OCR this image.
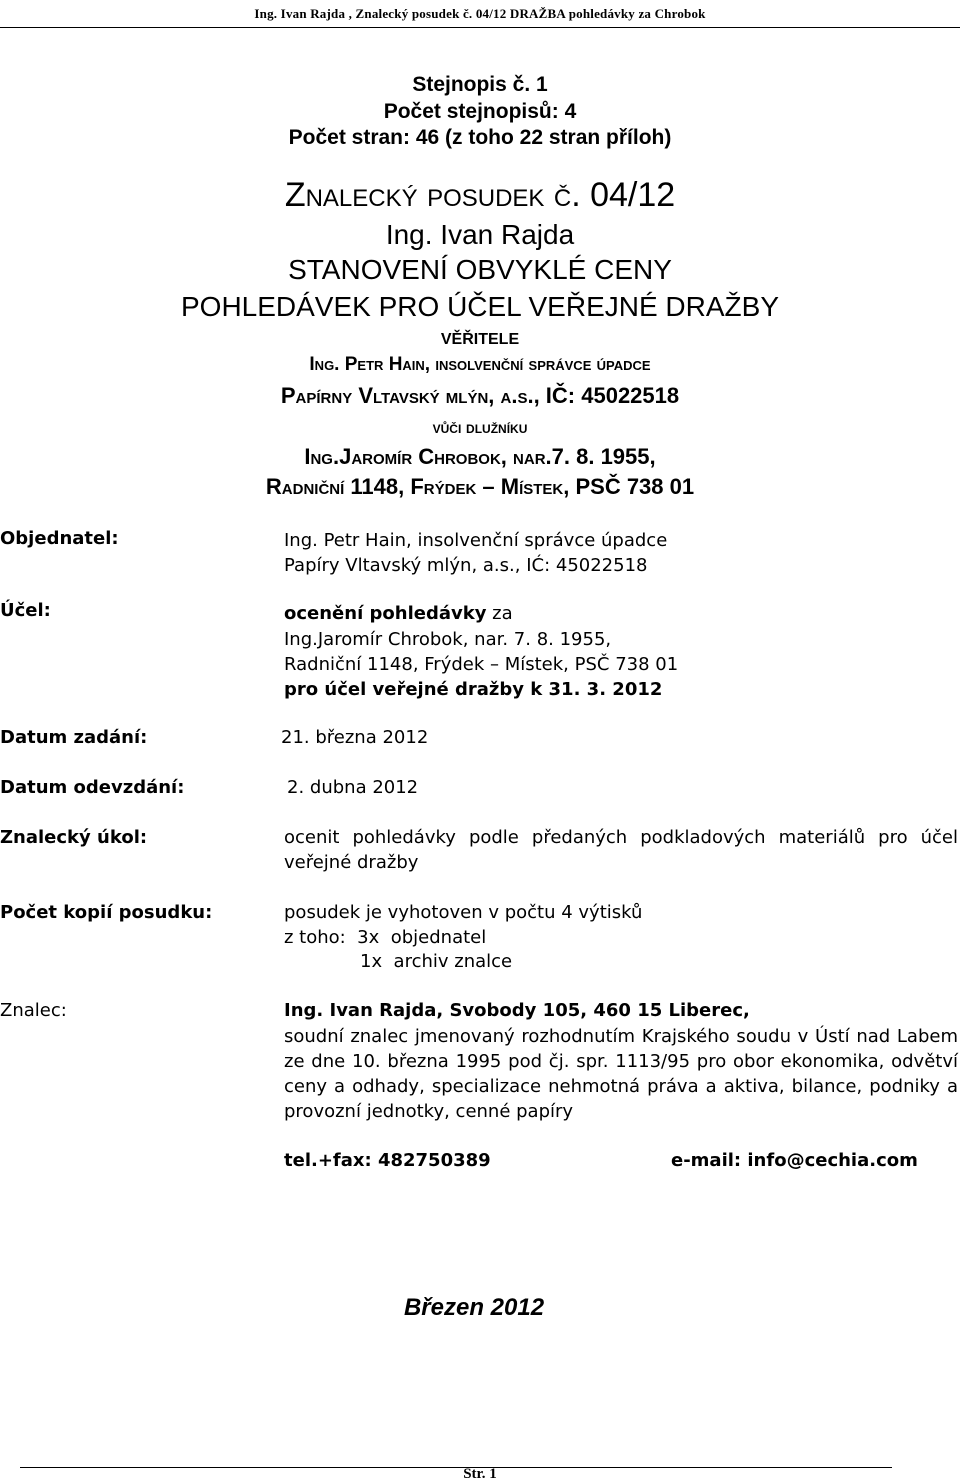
Ing. Ivan Rajda , Znalecký posudek č. 04/12 DRAŽBA pohledávky za Chrobok
Stejnopis č. 1
Počet stejnopisů: 4
Počet stran: 46 (z toho 22 stran příloh)
Znalecký posudek č. 04/12
Ing. Ivan Rajda
STANOVENÍ OBVYKLÉ CENY
POHLEDÁVEK PRO ÚČEL VEŘEJNÉ DRAŽBY
VĚŘITELE
Ing. Petr Hain, insolvenční správce úpadce
Papírny Vltavský mlýn, a.s., IČ: 45022518
vůči dlužníku
Ing.Jaromír Chrobok, nar.7. 8. 1955,
Radniční 1148, Frýdek – Místek, PSČ 738 01
Objednatel:	Ing. Petr Hain, insolvenční správce úpadce
Papíry Vltavský mlýn, a.s., IĆ: 45022518
Účel:	ocenění pohledávky za
Ing.Jaromír Chrobok, nar. 7. 8. 1955,
Radniční 1148, Frýdek – Místek, PSČ 738 01
pro účel veřejné dražby k 31. 3. 2012
Datum zadání:	21. března 2012
Datum odevzdání:	2. dubna 2012
Znalecký úkol:	ocenit pohledávky podle předaných podkladových materiálů pro účel veřejné dražby
Počet kopií posudku:	posudek je vyhotoven v počtu 4 výtisků
z toho:  3x  objednatel
1x  archiv znalce
Znalec:	Ing. Ivan Rajda, Svobody 105, 460 15 Liberec,
soudní znalec jmenovaný rozhodnutím Krajského soudu v Ústí nad Labem ze dne 10. března 1995 pod čj. spr. 1113/95 pro obor ekonomika, odvětví ceny a odhady, specializace nehmotná práva a aktiva, bilance, podniky a provozní jednotky, cenné papíry
tel.+fax: 482750389	e-mail: info@cechia.com
Březen 2012
Str. 1
